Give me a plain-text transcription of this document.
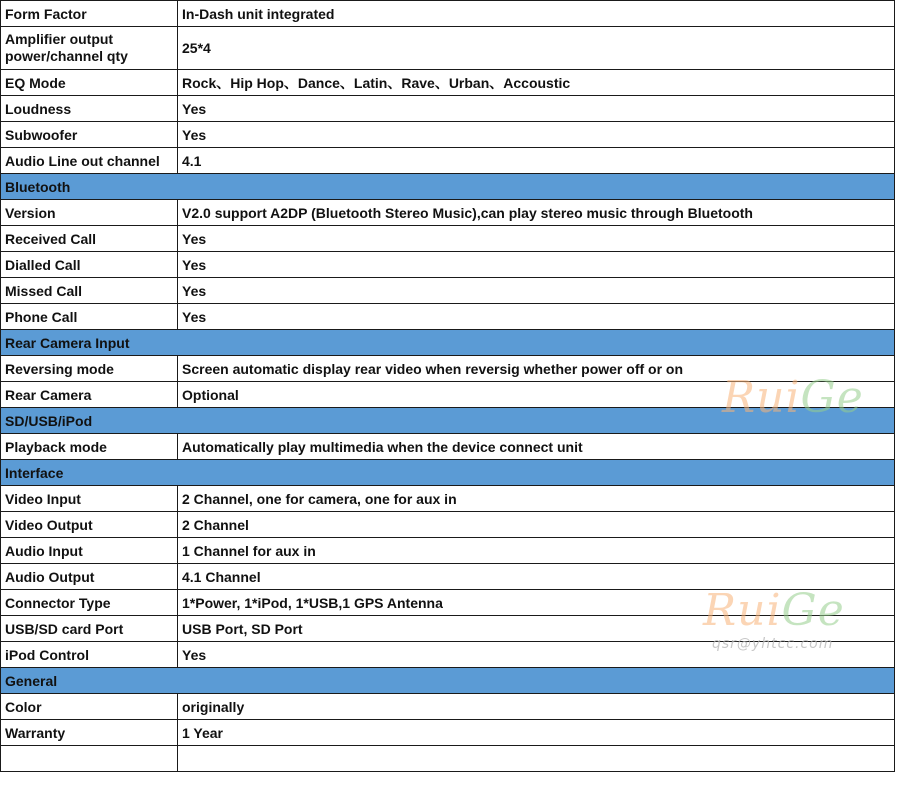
Form Factor	In-Dash unit integrated
Amplifier output power/channel qty	25*4
EQ Mode	Rock、Hip Hop、Dance、Latin、Rave、Urban、Accoustic
Loudness	Yes
Subwoofer	Yes
Audio Line out channel	4.1
Bluetooth	
Version	V2.0 support A2DP (Bluetooth Stereo Music),can play stereo music through Bluetooth
Received Call	Yes
Dialled Call	Yes
Missed Call	Yes
Phone Call	Yes
Rear Camera Input	
Reversing mode	Screen automatic display rear video when reversig whether power off or on
Rear Camera	Optional
SD/USB/iPod	
Playback mode	Automatically play multimedia when the device connect unit
Interface	
Video Input	2 Channel, one for camera, one for aux in
Video Output	2 Channel
Audio Input	1 Channel for aux in
Audio Output	4.1 Channel
Connector Type	1*Power, 1*iPod, 1*USB,1 GPS Antenna
USB/SD card Port	USB Port, SD Port
iPod Control	Yes
General	
Color	originally
Warranty	1 Year

RuiGe
RuiGe
qsr@yhtcc.com
